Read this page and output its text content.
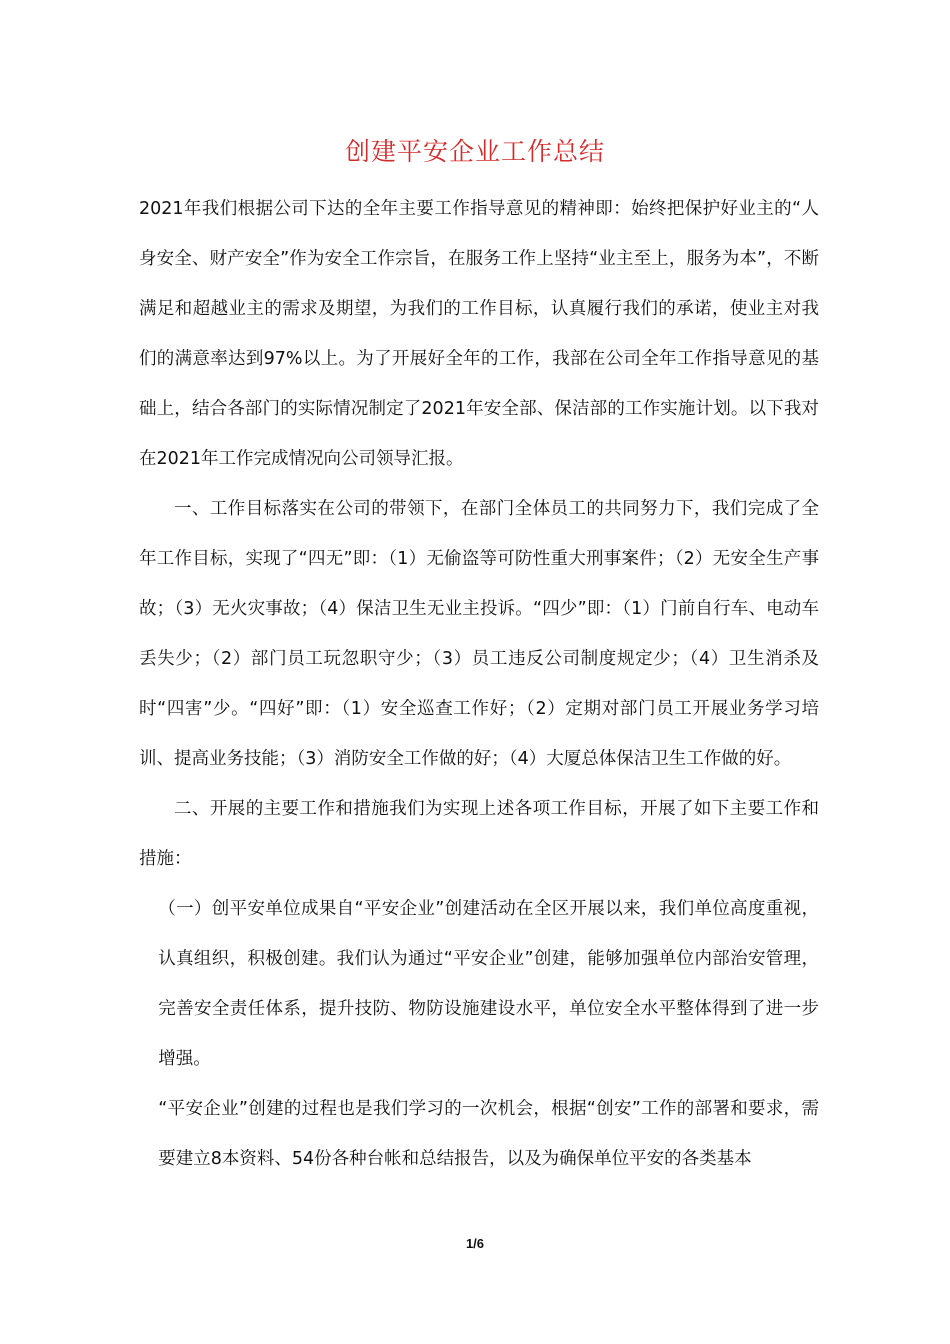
创建平安企业工作总结

2021年我们根据公司下达的全年主要工作指导意见的精神即：始终把保护好业主的“人身安全、财产安全”作为安全工作宗旨，在服务工作上坚持“业主至上，服务为本”，不断满足和超越业主的需求及期望，为我们的工作目标，认真履行我们的承诺，使业主对我们的满意率达到97%以上。为了开展好全年的工作，我部在公司全年工作指导意见的基础上，结合各部门的实际情况制定了2021年安全部、保洁部的工作实施计划。以下我对在2021年工作完成情况向公司领导汇报。

一、工作目标落实在公司的带领下，在部门全体员工的共同努力下，我们完成了全年工作目标，实现了“四无”即：（1）无偷盗等可防性重大刑事案件；（2）无安全生产事故；（3）无火灾事故；（4）保洁卫生无业主投诉。“四少”即：（1）门前自行车、电动车丢失少；（2）部门员工玩忽职守少；（3）员工违反公司制度规定少；（4）卫生消杀及时“四害”少。“四好”即：（1）安全巡查工作好；（2）定期对部门员工开展业务学习培训、提高业务技能；（3）消防安全工作做的好；（4）大厦总体保洁卫生工作做的好。

二、开展的主要工作和措施我们为实现上述各项工作目标，开展了如下主要工作和措施：

（一）创平安单位成果自“平安企业”创建活动在全区开展以来，我们单位高度重视，认真组织，积极创建。我们认为通过“平安企业”创建，能够加强单位内部治安管理，完善安全责任体系，提升技防、物防设施建设水平，单位安全水平整体得到了进一步增强。

“平安企业”创建的过程也是我们学习的一次机会，根据“创安”工作的部署和要求，需要建立8本资料、54份各种台帐和总结报告，以及为确保单位平安的各类基本

1/6
